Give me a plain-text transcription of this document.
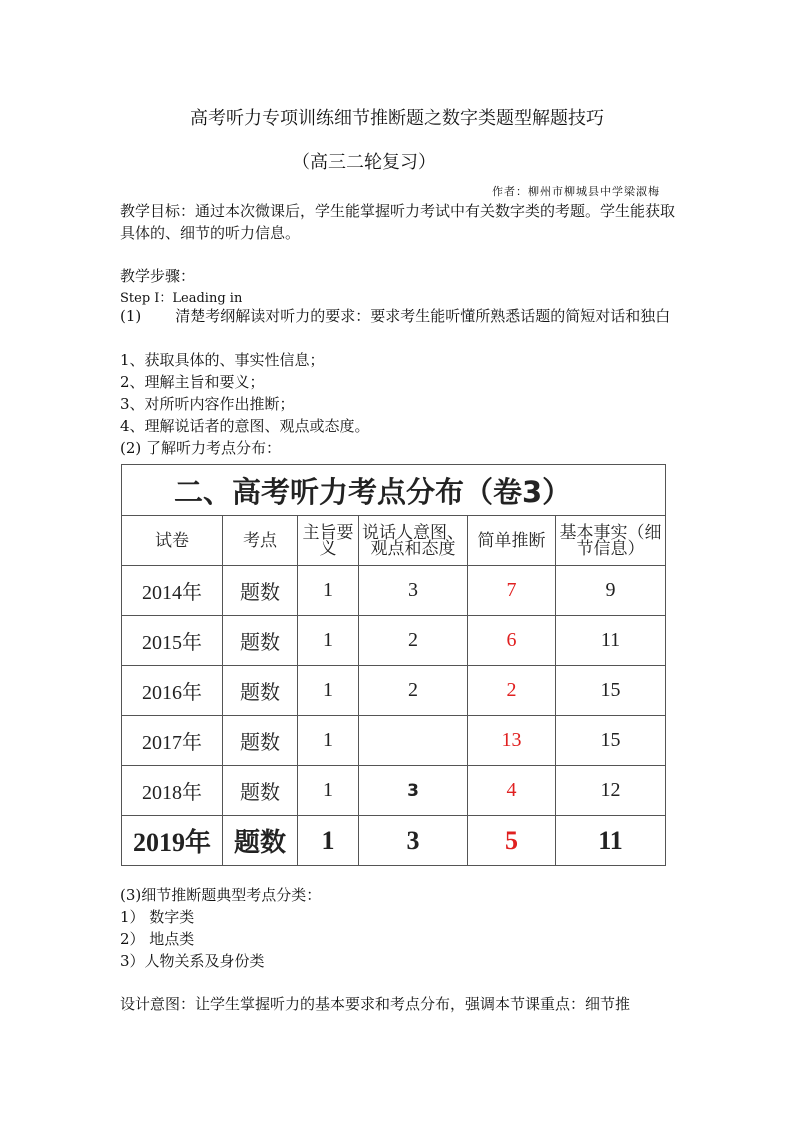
高考听力专项训练细节推断题之数字类题型解题技巧
（高三二轮复习）
作者：柳州市柳城县中学梁淑梅
教学目标：通过本次微课后，学生能掌握听力考试中有关数字类的考题。学生能获取具体的、细节的听力信息。
教学步骤：
Step I：Leading in
(1) 清楚考纲解读对听力的要求：要求考生能听懂所熟悉话题的简短对话和独白
1、获取具体的、事实性信息；
2、理解主旨和要义；
3、对所听内容作出推断；
4、理解说话者的意图、观点或态度。
(2) 了解听力考点分布：
二、高考听力考点分布（卷3）					
试卷	考点	主旨要义	说话人意图、观点和态度	简单推断	基本事实（细节信息）
2014年	题数	1	3	7	9
2015年	题数	1	2	6	11
2016年	题数	1	2	2	15
2017年	题数	1		13	15
2018年	题数	1	3	4	12
2019年	题数	1	3	5	11
(3)细节推断题典型考点分类：
1） 数字类
2） 地点类
3）人物关系及身份类
设计意图：让学生掌握听力的基本要求和考点分布，强调本节课重点：细节推
